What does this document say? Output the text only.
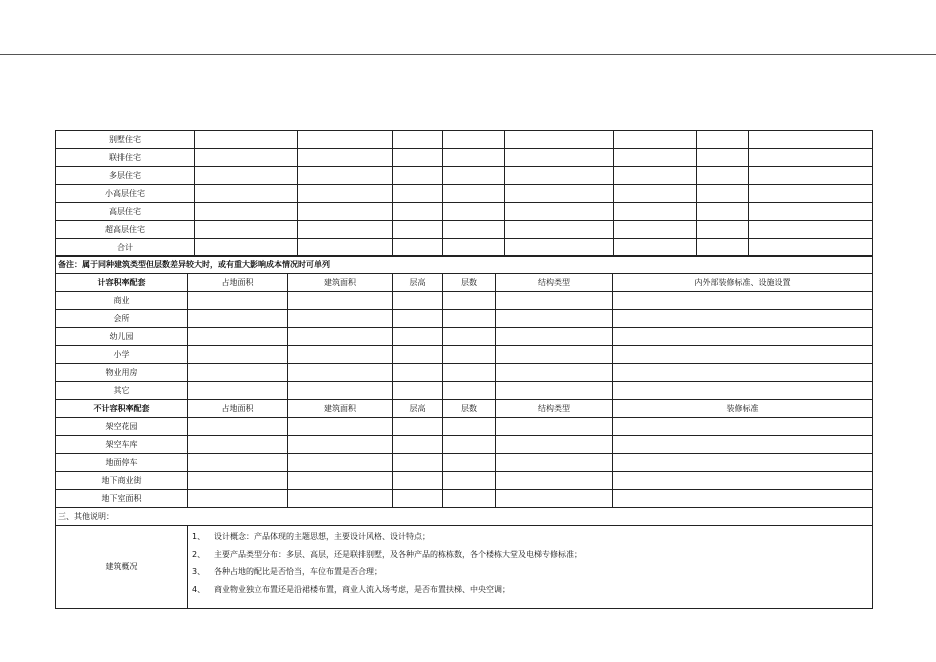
别墅住宅								
联排住宅								
多层住宅								
小高层住宅								
高层住宅								
超高层住宅								
合计								
备注：属于同种建筑类型但层数差异较大时，或有重大影响成本情况时可单列						
计容积率配套	占地面积	建筑面积	层高	层数	结构类型	内外部装修标准、设施设置
商业						
会所						
幼儿园						
小学						
物业用房						
其它						
不计容积率配套	占地面积	建筑面积	层高	层数	结构类型	装修标准
架空花园						
架空车库						
地面停车						
地下商业街						
地下室面积						
三、其他说明：
建筑概况	
1、	设计概念：产品体现的主题思想，主要设计风格、设计特点；
2、	主要产品类型分布：多层、高层，还是联排别墅，及各种产品的栋栋数，各个楼栋大堂及电梯专修标准；
3、	各种占地的配比是否恰当，车位布置是否合理；
4、	商业物业独立布置还是沿裙楼布置，商业人流入场考虑，是否布置扶梯、中央空调；
